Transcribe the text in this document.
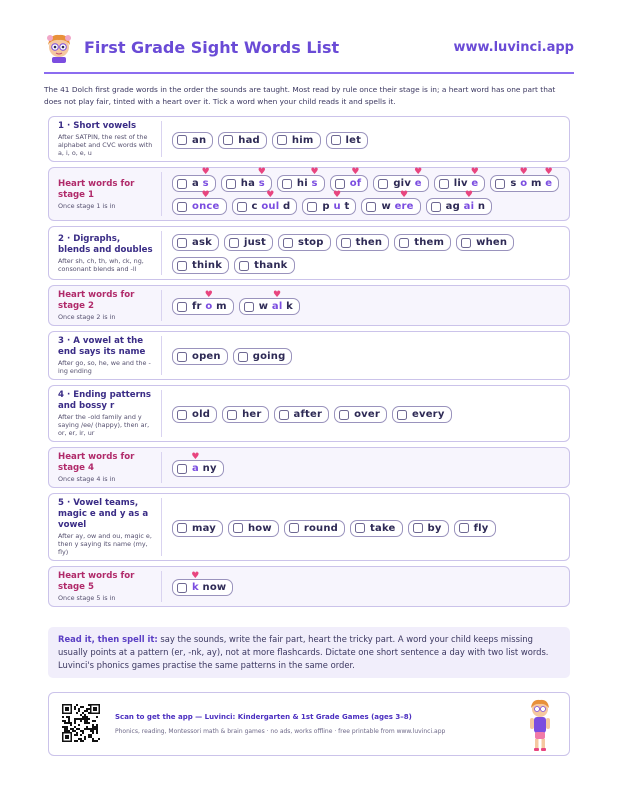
First Grade Sight Words List	www.luvinci.app
The 41 Dolch first grade words in the order the sounds are taught. Most read by rule once their stage is in; a heart word has one part that does not play fair, tinted with a heart over it. Tick a word when your child reads it and spells it.
1 · Short vowels
After SATPIN, the rest of the alphabet and CVC words with a, i, o, e, u
an	had	him	let
Heart words for stage 1
Once stage 1 is in
a ♥ s	ha ♥ s	hi ♥ s
♥	of	giv ♥ e	liv ♥ e	s ♥ o m ♥ e
♥ once	c ♥ oul d	p ♥ u t	w ♥ ere	ag ♥ ai n
2 · Digraphs, blends and doubles
After sh, ch, th, wh, ck, ng, consonant blends and -ll
ask	just	stop	then	them	when
think	thank
Heart words for stage 2
Once stage 2 is in
fr ♥ o m	w ♥ al k
3 · A vowel at the end says its name
After go, so, he, we and the -ing ending
open	going
4 · Ending patterns and bossy r
After the -old family and y saying /ee/ (happy), then ar, or, er, ir, ur
old	her	after	over	every
Heart words for stage 4
Once stage 4 is in
♥ a ny
5 · Vowel teams, magic e and y as a vowel
After ay, ow and ou, magic e, then y saying its name (my, fly)
may	how	round	take	by	fly
Heart words for stage 5
Once stage 5 is in
♥ k now
Read it, then spell it: say the sounds, write the fair part, heart the tricky part. A word your child keeps missing usually points at a pattern (er, -nk, ay), not at more flashcards. Dictate one short sentence a day with two list words. Luvinci's phonics games practise the same patterns in the same order.
Scan to get the app — Luvinci: Kindergarten & 1st Grade Games (ages 3–8)
Phonics, reading, Montessori math & brain games · no ads, works offline · free printable from www.luvinci.app
